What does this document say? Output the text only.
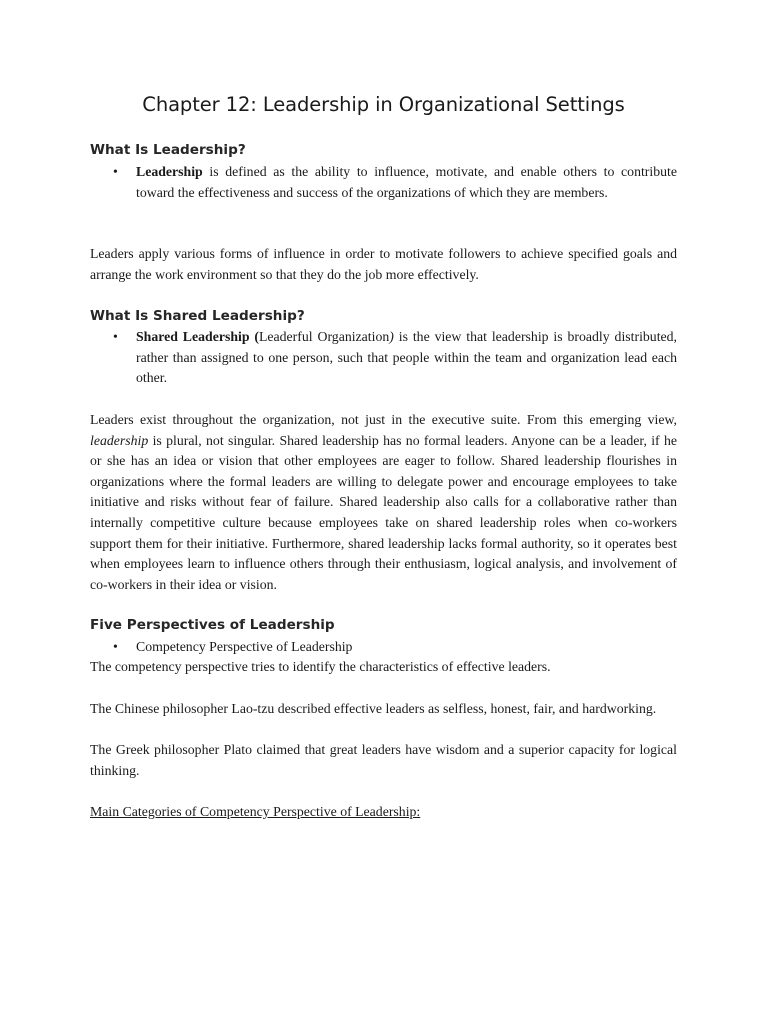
Chapter 12: Leadership in Organizational Settings
What Is Leadership?
• Leadership is defined as the ability to influence, motivate, and enable others to contribute toward the effectiveness and success of the organizations of which they are members.

Leaders apply various forms of influence in order to motivate followers to achieve specified goals and arrange the work environment so that they do the job more effectively.

What Is Shared Leadership?
• Shared Leadership (Leaderful Organization) is the view that leadership is broadly distributed, rather than assigned to one person, such that people within the team and organization lead each other.

Leaders exist throughout the organization, not just in the executive suite. From this emerging view, leadership is plural, not singular. Shared leadership has no formal leaders. Anyone can be a leader, if he or she has an idea or vision that other employees are eager to follow. Shared leadership flourishes in organizations where the formal leaders are willing to delegate power and encourage employees to take initiative and risks without fear of failure. Shared leadership also calls for a collaborative rather than internally competitive culture because employees take on shared leadership roles when co-workers support them for their initiative. Furthermore, shared leadership lacks formal authority, so it operates best when employees learn to influence others through their enthusiasm, logical analysis, and involvement of co-workers in their idea or vision.

Five Perspectives of Leadership
• Competency Perspective of Leadership

The competency perspective tries to identify the characteristics of effective leaders.

The Chinese philosopher Lao-tzu described effective leaders as selfless, honest, fair, and hardworking.

The Greek philosopher Plato claimed that great leaders have wisdom and a superior capacity for logical thinking.

Main Categories of Competency Perspective of Leadership:
